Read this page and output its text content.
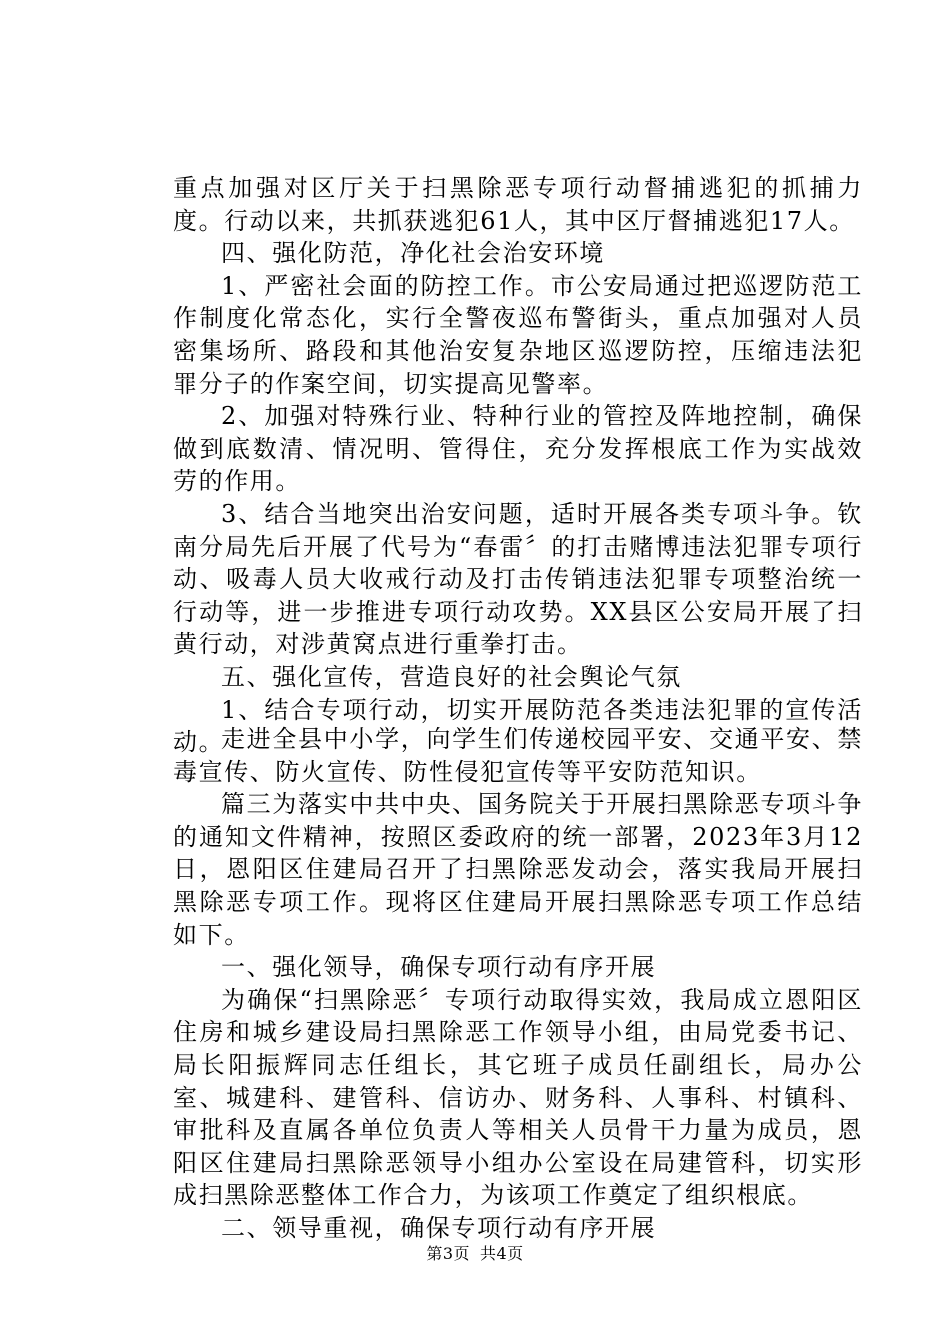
重点加强对区厅关于扫黑除恶专项行动督捕逃犯的抓捕力度。行动以来，共抓获逃犯61人，其中区厅督捕逃犯17人。

四、强化防范，净化社会治安环境

1、严密社会面的防控工作。市公安局通过把巡逻防范工作制度化常态化，实行全警夜巡布警街头，重点加强对人员密集场所、路段和其他治安复杂地区巡逻防控，压缩违法犯罪分子的作案空间，切实提高见警率。

2、加强对特殊行业、特种行业的管控及阵地控制，确保做到底数清、情况明、管得住，充分发挥根底工作为实战效劳的作用。

3、结合当地突出治安问题，适时开展各类专项斗争。钦南分局先后开展了代号为“春雷〞的打击赌博违法犯罪专项行动、吸毒人员大收戒行动及打击传销违法犯罪专项整治统一行动等，进一步推进专项行动攻势。XX县区公安局开展了扫黄行动，对涉黄窝点进行重拳打击。

五、强化宣传，营造良好的社会舆论气氛

1、结合专项行动，切实开展防范各类违法犯罪的宣传活动。

走进全县中小学，向学生们传递校园平安、交通平安、禁毒宣传、防火宣传、防性侵犯宣传等平安防范知识。

篇三为落实中共中央、国务院关于开展扫黑除恶专项斗争的通知文件精神，按照区委政府的统一部署，2023年3月12日，恩阳区住建局召开了扫黑除恶发动会，落实我局开展扫黑除恶专项工作。现将区住建局开展扫黑除恶专项工作总结如下。

一、强化领导，确保专项行动有序开展

为确保“扫黑除恶〞专项行动取得实效，我局成立恩阳区住房和城乡建设局扫黑除恶工作领导小组，由局党委书记、局长阳振辉同志任组长，其它班子成员任副组长，局办公室、城建科、建管科、信访办、财务科、人事科、村镇科、审批科及直属各单位负责人等相关人员骨干力量为成员，恩阳区住建局扫黑除恶领导小组办公室设在局建管科，切实形成扫黑除恶整体工作合力，为该项工作奠定了组织根底。

二、领导重视，确保专项行动有序开展

第3页 共4页
